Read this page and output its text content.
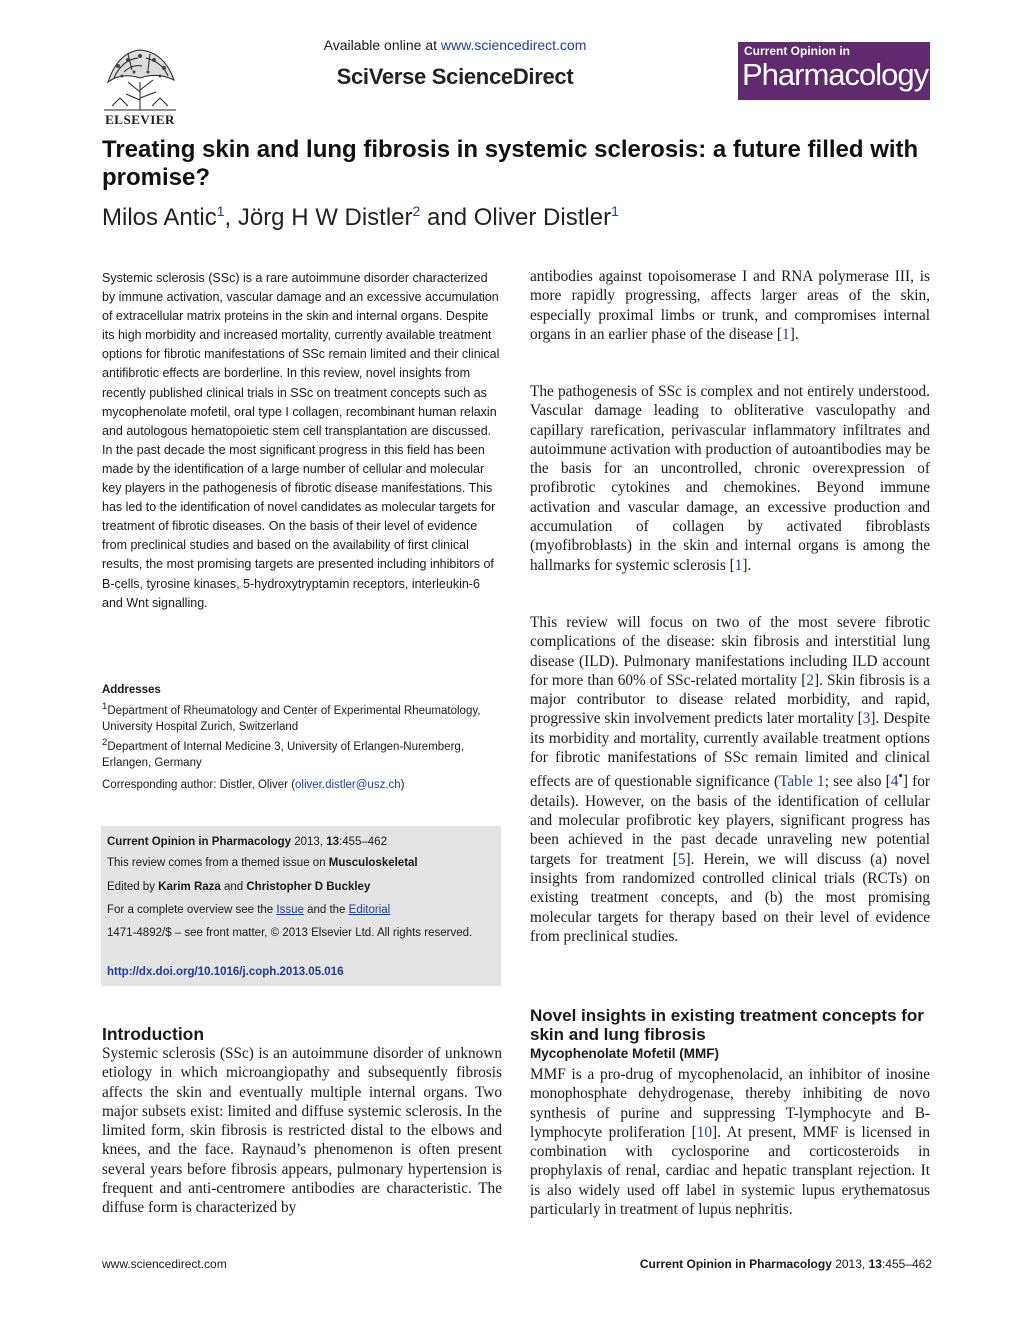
ELSEVIER
Available online at www.sciencedirect.com
SciVerse ScienceDirect
Current Opinion in
Pharmacology
Treating skin and lung fibrosis in systemic sclerosis: a future filled with promise?
Milos Antic$^1$, Jörg H W Distler$^2$ and Oliver Distler$^1$
Systemic sclerosis (SSc) is a rare autoimmune disorder characterized by immune activation, vascular damage and an excessive accumulation of extracellular matrix proteins in the skin and internal organs. Despite its high morbidity and increased mortality, currently available treatment options for fibrotic manifestations of SSc remain limited and their clinical antifibrotic effects are borderline. In this review, novel insights from recently published clinical trials in SSc on treatment concepts such as mycophenolate mofetil, oral type I collagen, recombinant human relaxin and autologous hematopoietic stem cell transplantation are discussed. In the past decade the most significant progress in this field has been made by the identification of a large number of cellular and molecular key players in the pathogenesis of fibrotic disease manifestations. This has led to the identification of novel candidates as molecular targets for treatment of fibrotic diseases. On the basis of their level of evidence from preclinical studies and based on the availability of first clinical results, the most promising targets are presented including inhibitors of B-cells, tyrosine kinases, 5-hydroxytryptamin receptors, interleukin-6 and Wnt signalling.
Addresses
$^1$Department of Rheumatology and Center of Experimental Rheumatology, University Hospital Zurich, Switzerland
$^2$Department of Internal Medicine 3, University of Erlangen-Nuremberg, Erlangen, Germany
Corresponding author: Distler, Oliver (oliver.distler@usz.ch)
Current Opinion in Pharmacology 2013, 13:455–462
This review comes from a themed issue on Musculoskeletal
Edited by Karim Raza and Christopher D Buckley
For a complete overview see the Issue and the Editorial
1471-4892/$ – see front matter, © 2013 Elsevier Ltd. All rights reserved.
http://dx.doi.org/10.1016/j.coph.2013.05.016
Introduction
Systemic sclerosis (SSc) is an autoimmune disorder of unknown etiology in which microangiopathy and subsequently fibrosis affects the skin and eventually multiple internal organs. Two major subsets exist: limited and diffuse systemic sclerosis. In the limited form, skin fibrosis is restricted distal to the elbows and knees, and the face. Raynaud’s phenomenon is often present several years before fibrosis appears, pulmonary hypertension is frequent and anti-centromere antibodies are characteristic. The diffuse form is characterized by
antibodies against topoisomerase I and RNA polymerase III, is more rapidly progressing, affects larger areas of the skin, especially proximal limbs or trunk, and compromises internal organs in an earlier phase of the disease [1].
The pathogenesis of SSc is complex and not entirely understood. Vascular damage leading to obliterative vasculopathy and capillary rarefication, perivascular inflammatory infiltrates and autoimmune activation with production of autoantibodies may be the basis for an uncontrolled, chronic overexpression of profibrotic cytokines and chemokines. Beyond immune activation and vascular damage, an excessive production and accumulation of collagen by activated fibroblasts (myofibroblasts) in the skin and internal organs is among the hallmarks for systemic sclerosis [1].
This review will focus on two of the most severe fibrotic complications of the disease: skin fibrosis and interstitial lung disease (ILD). Pulmonary manifestations including ILD account for more than 60% of SSc-related mortality [2]. Skin fibrosis is a major contributor to disease related morbidity, and rapid, progressive skin involvement predicts later mortality [3]. Despite its morbidity and mortality, currently available treatment options for fibrotic manifestations of SSc remain limited and clinical effects are of questionable significance (Table 1; see also [4•] for details). However, on the basis of the identification of cellular and molecular profibrotic key players, significant progress has been achieved in the past decade unraveling new potential targets for treatment [5]. Herein, we will discuss (a) novel insights from randomized controlled clinical trials (RCTs) on existing treatment concepts, and (b) the most promising molecular targets for therapy based on their level of evidence from preclinical studies.
Novel insights in existing treatment concepts for skin and lung fibrosis
Mycophenolate Mofetil (MMF)
MMF is a pro-drug of mycophenolacid, an inhibitor of inosine monophosphate dehydrogenase, thereby inhibiting de novo synthesis of purine and suppressing T-lymphocyte and B-lymphocyte proliferation [10]. At present, MMF is licensed in combination with cyclosporine and corticosteroids in prophylaxis of renal, cardiac and hepatic transplant rejection. It is also widely used off label in systemic lupus erythematosus particularly in treatment of lupus nephritis.
www.sciencedirect.com	Current Opinion in Pharmacology 2013, 13:455–462
